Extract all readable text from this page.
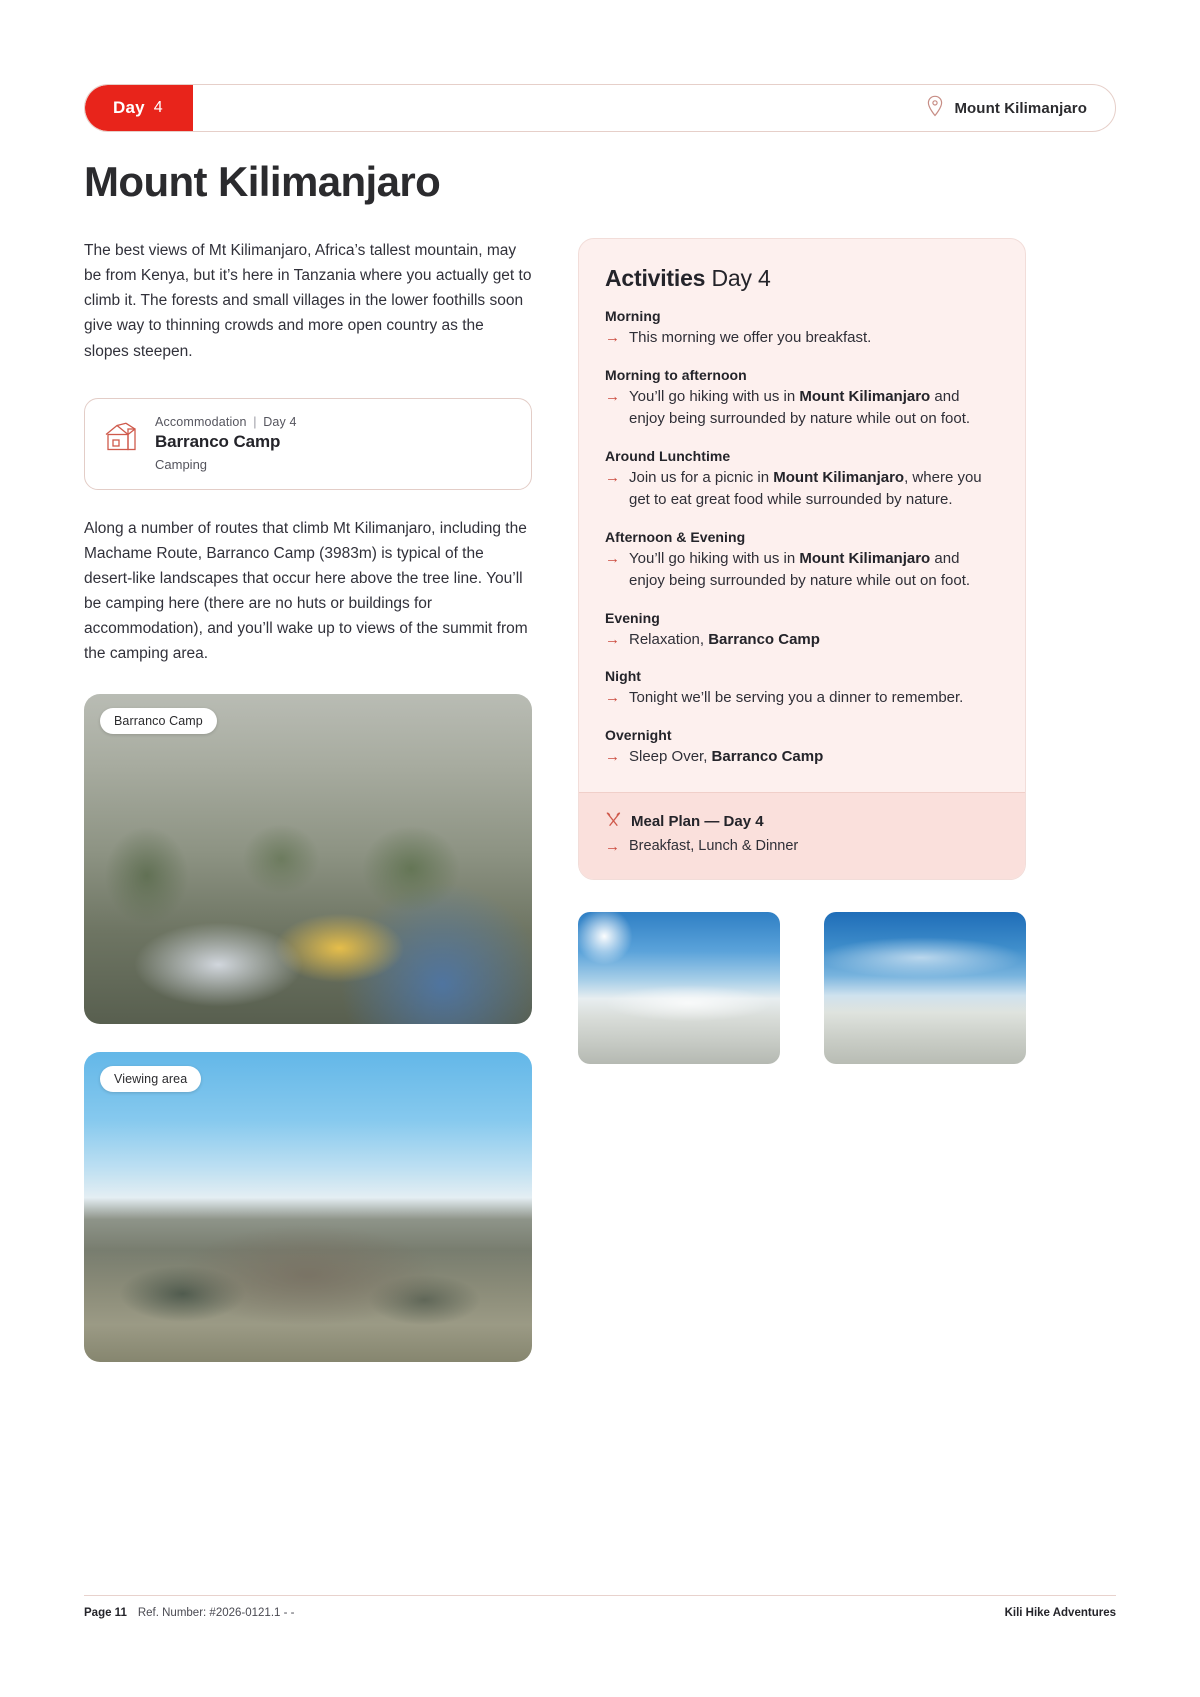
Day 4	Mount Kilimanjaro
Mount Kilimanjaro

The best views of Mt Kilimanjaro, Africa’s tallest mountain, may be from Kenya, but it’s here in Tanzania where you actually get to climb it. The forests and small villages in the lower foothills soon give way to thinning crowds and more open country as the slopes steepen.

Accommodation | Day 4
Barranco Camp
Camping

Along a number of routes that climb Mt Kilimanjaro, including the Machame Route, Barranco Camp (3983m) is typical of the desert-like landscapes that occur here above the tree line. You’ll be camping here (there are no huts or buildings for accommodation), and you’ll wake up to views of the summit from the camping area.

Barranco Camp
Viewing area
Activities Day 4
Morning
→ This morning we offer you breakfast.
Morning to afternoon
→ You’ll go hiking with us in Mount Kilimanjaro and enjoy being surrounded by nature while out on foot.
Around Lunchtime
→ Join us for a picnic in Mount Kilimanjaro, where you get to eat great food while surrounded by nature.
Afternoon & Evening
→ You’ll go hiking with us in Mount Kilimanjaro and enjoy being surrounded by nature while out on foot.
Evening
→ Relaxation, Barranco Camp
Night
→ Tonight we’ll be serving you a dinner to remember.
Overnight
→ Sleep Over, Barranco Camp
Meal Plan — Day 4
→ Breakfast, Lunch & Dinner
Page 11 Ref. Number: #2026-0121.1 - -	Kili Hike Adventures
